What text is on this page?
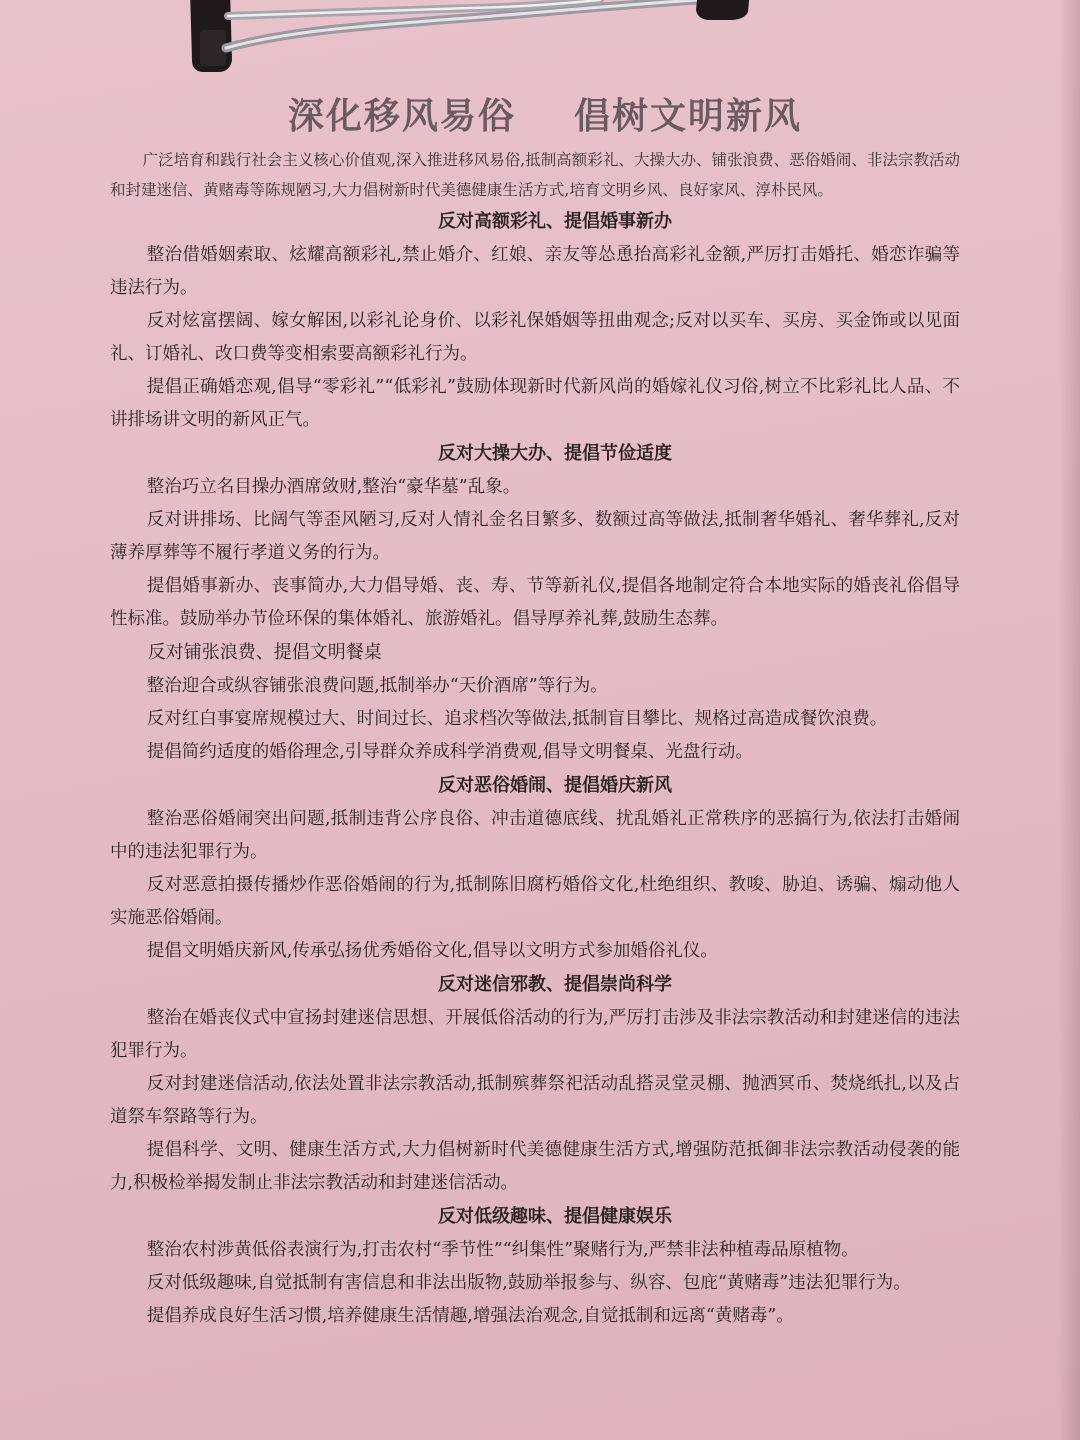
深化移风易俗    倡树文明新风

广泛培育和践行社会主义核心价值观,深入推进移风易俗,抵制高额彩礼、大操大办、铺张浪费、恶俗婚闹、非法宗教活动和封建迷信、黄赌毒等陈规陋习,大力倡树新时代美德健康生活方式,培育文明乡风、良好家风、淳朴民风。

反对高额彩礼、提倡婚事新办

整治借婚姻索取、炫耀高额彩礼,禁止婚介、红娘、亲友等怂恿抬高彩礼金额,严厉打击婚托、婚恋诈骗等违法行为。

反对炫富摆阔、嫁女解困,以彩礼论身价、以彩礼保婚姻等扭曲观念;反对以买车、买房、买金饰或以见面礼、订婚礼、改口费等变相索要高额彩礼行为。

提倡正确婚恋观,倡导“零彩礼”“低彩礼”鼓励体现新时代新风尚的婚嫁礼仪习俗,树立不比彩礼比人品、不讲排场讲文明的新风正气。

反对大操大办、提倡节俭适度

整治巧立名目操办酒席敛财,整治“豪华墓”乱象。

反对讲排场、比阔气等歪风陋习,反对人情礼金名目繁多、数额过高等做法,抵制奢华婚礼、奢华葬礼,反对薄养厚葬等不履行孝道义务的行为。

提倡婚事新办、丧事简办,大力倡导婚、丧、寿、节等新礼仪,提倡各地制定符合本地实际的婚丧礼俗倡导性标准。鼓励举办节俭环保的集体婚礼、旅游婚礼。倡导厚养礼葬,鼓励生态葬。

反对铺张浪费、提倡文明餐桌

整治迎合或纵容铺张浪费问题,抵制举办“天价酒席”等行为。

反对红白事宴席规模过大、时间过长、追求档次等做法,抵制盲目攀比、规格过高造成餐饮浪费。

提倡简约适度的婚俗理念,引导群众养成科学消费观,倡导文明餐桌、光盘行动。

反对恶俗婚闹、提倡婚庆新风

整治恶俗婚闹突出问题,抵制违背公序良俗、冲击道德底线、扰乱婚礼正常秩序的恶搞行为,依法打击婚闹中的违法犯罪行为。

反对恶意拍摄传播炒作恶俗婚闹的行为,抵制陈旧腐朽婚俗文化,杜绝组织、教唆、胁迫、诱骗、煽动他人实施恶俗婚闹。

提倡文明婚庆新风,传承弘扬优秀婚俗文化,倡导以文明方式参加婚俗礼仪。

反对迷信邪教、提倡崇尚科学

整治在婚丧仪式中宣扬封建迷信思想、开展低俗活动的行为,严厉打击涉及非法宗教活动和封建迷信的违法犯罪行为。

反对封建迷信活动,依法处置非法宗教活动,抵制殡葬祭祀活动乱搭灵堂灵棚、抛洒冥币、焚烧纸扎,以及占道祭车祭路等行为。

提倡科学、文明、健康生活方式,大力倡树新时代美德健康生活方式,增强防范抵御非法宗教活动侵袭的能力,积极检举揭发制止非法宗教活动和封建迷信活动。

反对低级趣味、提倡健康娱乐

整治农村涉黄低俗表演行为,打击农村“季节性”“纠集性”聚赌行为,严禁非法种植毒品原植物。

反对低级趣味,自觉抵制有害信息和非法出版物,鼓励举报参与、纵容、包庇“黄赌毒”违法犯罪行为。

提倡养成良好生活习惯,培养健康生活情趣,增强法治观念,自觉抵制和远离“黄赌毒”。
